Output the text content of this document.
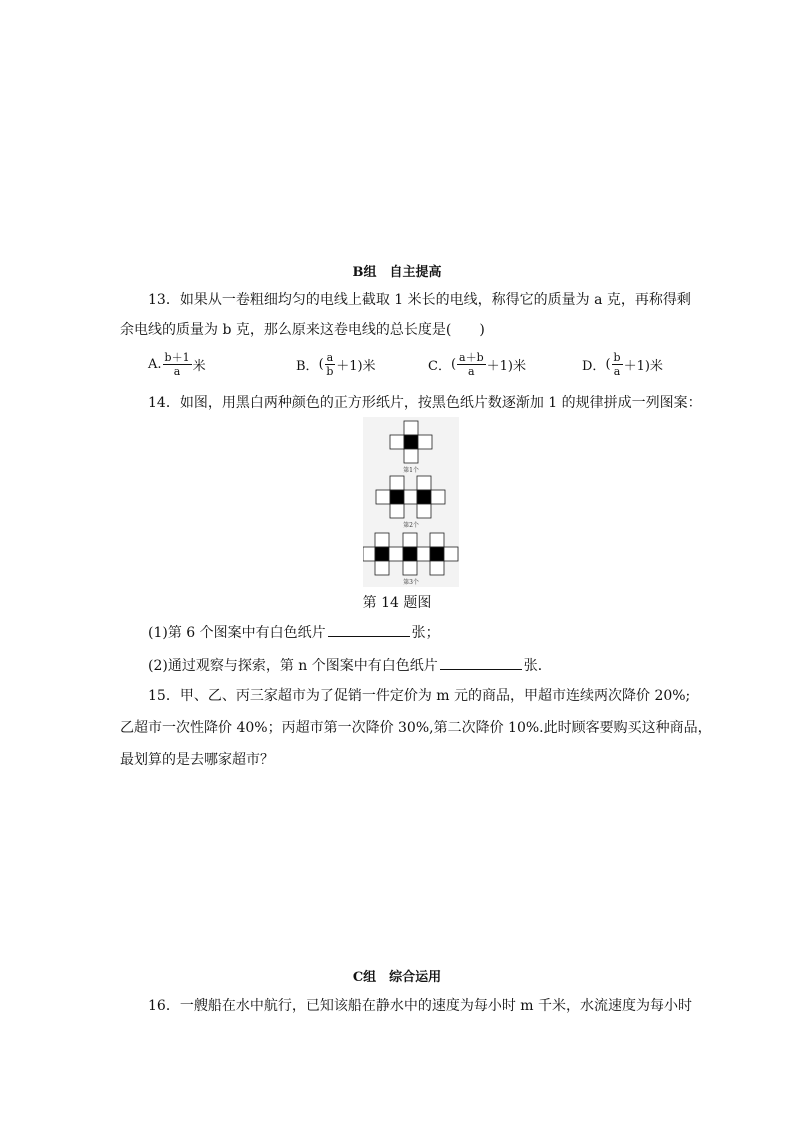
B组　自主提高
13．如果从一卷粗细均匀的电线上截取 1 米长的电线，称得它的质量为 a 克，再称得剩
余电线的质量为 b 克，那么原来这卷电线的总长度是(　　)
A. $\frac{b+1}{a}$ 米	B． ( $\frac{a}{b} +1$)米	C． ( $\frac{a+b}{a} +1$)米	D． ( $\frac{b}{a} +1$)米
14．如图，用黑白两种颜色的正方形纸片，按黑色纸片数逐渐加 1 的规律拼成一列图案：
第1个
第2个
第3个
第 14 题图
(1)第 6 个图案中有白色纸片	张；
(2)通过观察与探索，第 n 个图案中有白色纸片	张．
15．甲、乙、丙三家超市为了促销一件定价为 m 元的商品，甲超市连续两次降价 20%;
乙超市一次性降价 40%；丙超市第一次降价 30%,第二次降价 10%.此时顾客要购买这种商品，
最划算的是去哪家超市？
C组　综合运用
16．一艘船在水中航行，已知该船在静水中的速度为每小时 m 千米，水流速度为每小时
